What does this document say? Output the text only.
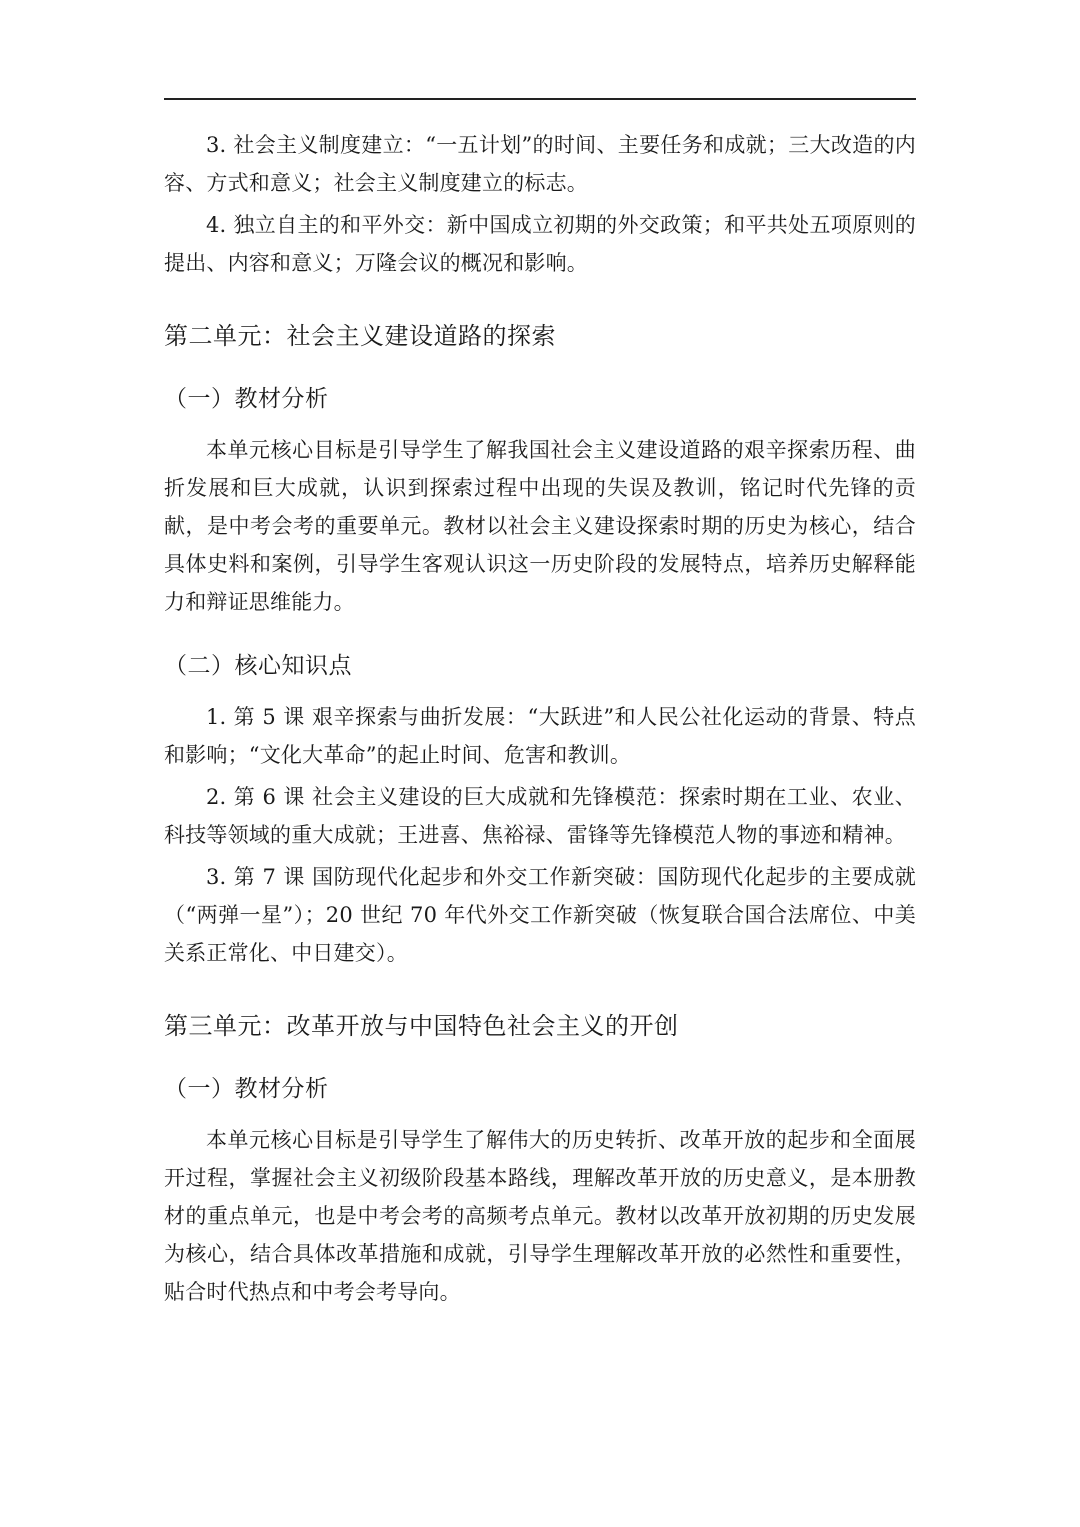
3. 社会主义制度建立：“一五计划”的时间、主要任务和成就；三大改造的内容、方式和意义；社会主义制度建立的标志。

4. 独立自主的和平外交：新中国成立初期的外交政策；和平共处五项原则的提出、内容和意义；万隆会议的概况和影响。

第二单元：社会主义建设道路的探索
（一）教材分析

本单元核心目标是引导学生了解我国社会主义建设道路的艰辛探索历程、曲折发展和巨大成就，认识到探索过程中出现的失误及教训，铭记时代先锋的贡献，是中考会考的重要单元。教材以社会主义建设探索时期的历史为核心，结合具体史料和案例，引导学生客观认识这一历史阶段的发展特点，培养历史解释能力和辩证思维能力。

（二）核心知识点

1. 第 5 课 艰辛探索与曲折发展：“大跃进”和人民公社化运动的背景、特点和影响；“文化大革命”的起止时间、危害和教训。

2. 第 6 课 社会主义建设的巨大成就和先锋模范：探索时期在工业、农业、科技等领域的重大成就；王进喜、焦裕禄、雷锋等先锋模范人物的事迹和精神。

3. 第 7 课 国防现代化起步和外交工作新突破：国防现代化起步的主要成就（“两弹一星”）；20 世纪 70 年代外交工作新突破（恢复联合国合法席位、中美关系正常化、中日建交）。

第三单元：改革开放与中国特色社会主义的开创
（一）教材分析

本单元核心目标是引导学生了解伟大的历史转折、改革开放的起步和全面展开过程，掌握社会主义初级阶段基本路线，理解改革开放的历史意义，是本册教材的重点单元，也是中考会考的高频考点单元。教材以改革开放初期的历史发展为核心，结合具体改革措施和成就，引导学生理解改革开放的必然性和重要性，贴合时代热点和中考会考导向。
